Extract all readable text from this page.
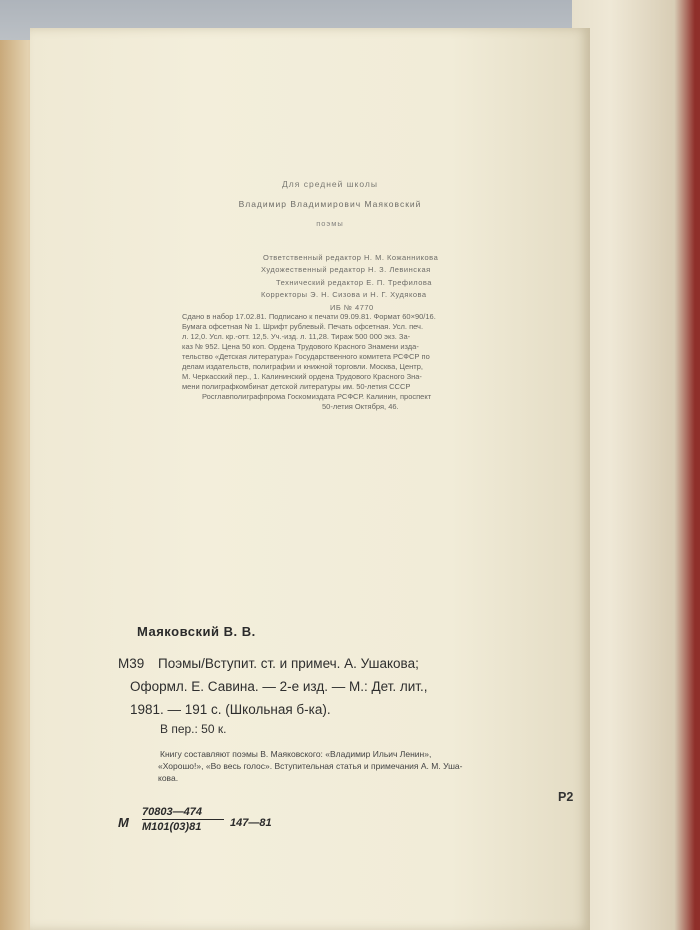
Для средней школы
Владимир Владимирович Маяковский
поэмы
Ответственный редактор Н. М. Кожанникова
Художественный редактор Н. З. Левинская
Технический редактор Е. П. Трефилова
Корректоры Э. Н. Сизова и Н. Г. Худякова
ИБ № 4770
Сдано в набор 17.02.81. Подписано к печати 09.09.81. Формат 60×90/16.
Бумага офсетная № 1. Шрифт рублевый. Печать офсетная. Усл. печ.
л. 12,0. Усл. кр.-отт. 12,5. Уч.-изд. л. 11,28. Тираж 500 000 экз. За-
каз № 952. Цена 50 коп. Ордена Трудового Красного Знамени изда-
тельство «Детская литература» Государственного комитета РСФСР по
делам издательств, полиграфии и книжной торговли. Москва, Центр,
М. Черкасский пер., 1. Калининский ордена Трудового Красного Зна-
мени полиграфкомбинат детской литературы им. 50-летия СССР
Росглавполиграфпрома Госкомиздата РСФСР. Калинин, проспект
50-летия Октября, 46.
Маяковский В. В.
М39 Поэмы/Вступит. ст. и примеч. А. Ушакова;
Оформл. Е. Савина. — 2-е изд. — М.: Дет. лит.,
1981. — 191 с. (Школьная б-ка).
В пер.: 50 к.
Книгу составляют поэмы В. Маяковского: «Владимир Ильич Ленин»,
«Хорошо!», «Во весь голос». Вступительная статья и примечания А. М. Уша-
кова.
Р2
М
70803—474
М101(03)81	147—81
